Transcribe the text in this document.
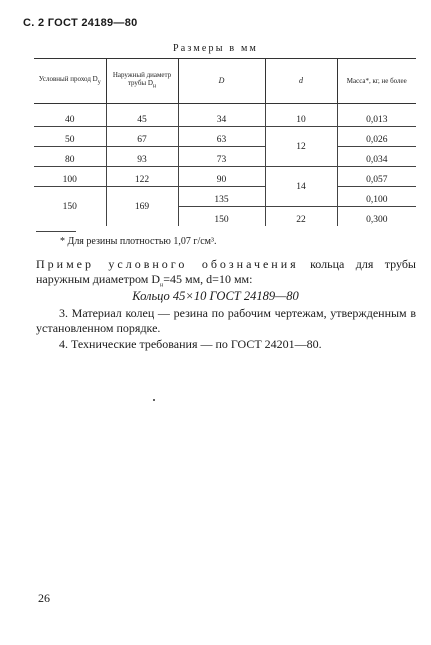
С. 2 ГОСТ 24189—80
Размеры в мм
Условный проход Dу	Наружный диаметр трубы Dн	D	d	Масса*, кг, не более

40	45	34	10	0,013
50	67	63	12	0,026
80	93	73		0,034
100	122	90	14	0,057
150	169	135		0,100
		150	22	0,300
* Для резины плотностью 1,07 г/см³.
Пример условного обозначения кольца для трубы наружным диаметром $D_н=45$ мм, d=10 мм:
Кольцо 45×10 ГОСТ 24189—80
3. Материал колец — резина по рабочим чертежам, утвержденным в установленном порядке.
4. Технические требования — по ГОСТ 24201—80.
26
